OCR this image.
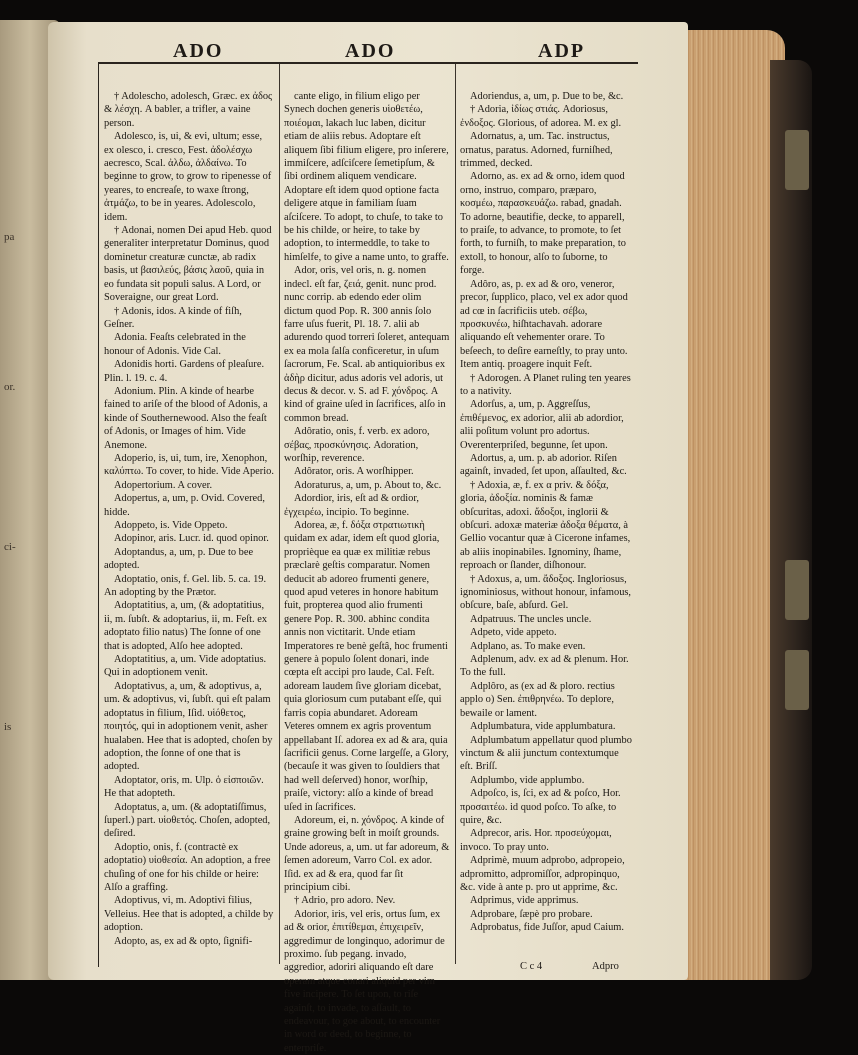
pa
or.
ci-
is
ADO	ADO	ADP

† Adolescho, adolesch, Græc. ex ἀδος & λέσχη. A babler, a trifler, a vaine person.

Adolesco, is, ui, & evi, ultum; esse, ex olesco, i. cresco, Fest. ἀδολέσχω aecresco, Scal. ἀλδω, ἀλδαίνω. To beginne to grow, to grow to ripenesse of yeares, to encreaſe, to waxe ſtrong, ἀτμάζω, to be in yeares. Adolescolo, idem.

† Adonai, nomen Dei apud Heb. quod generaliter interpretatur Dominus, quod dominetur creaturæ cunctæ, ab radix basis, ut βασιλεύς, βάσις λαοῦ, quia in eo fundata sit populi salus. A Lord, or Soveraigne, our great Lord.

† Adonis, idos. A kinde of fiſh, Geſner.

Adonia. Feaſts celebrated in the honour of Adonis. Vide Cal.

Adonidis horti. Gardens of pleaſure. Plin. l. 19. c. 4.

Adonium. Plin. A kinde of hearbe fained to ariſe of the blood of Adonis, a kinde of Southernewood. Also the feaſt of Adonis, or Images of him. Vide Anemone.

Adoperio, is, ui, tum, ire, Xenophon, καλύπτω. To cover, to hide. Vide Aperio.

Adopertorium. A cover.

Adopertus, a, um, p. Ovid. Covered, hidde.

Adoppeto, is. Vide Oppeto.

Adopinor, aris. Lucr. id. quod opinor.

Adoptandus, a, um, p. Due to bee adopted.

Adoptatio, onis, f. Gel. lib. 5. ca. 19. An adopting by the Prætor.

Adoptatitius, a, um, (& adoptatitius, ii, m. ſubſt. & adoptarius, ii, m. Feſt. ex adoptato filio natus) The ſonne of one that is adopted, Alſo hee adopted.

Adoptatitius, a, um. Vide adoptatius. Qui in adoptionem venit.

Adoptativus, a, um, & adoptivus, a, um. & adoptivus, vi, ſubſt. qui eſt palam adoptatus in filium, Iſid. υἱόθετος, ποιητός, qui in adoptionem venit, asher hualaben. Hee that is adopted, choſen by adoption, the ſonne of one that is adopted.

Adoptator, oris, m. Ulp. ὁ εἰσποιῶν. He that adopteth.

Adoptatus, a, um. (& adoptatiſſimus, ſuperl.) part. υἱοθετός. Choſen, adopted, deſired.

Adoptio, onis, f. (contractè ex adoptatio) υἱοθεσία. An adoption, a free chuſing of one for his childe or heire: Alſo a graffing.

Adoptivus, vi, m. Adoptivi filius, Velleius. Hee that is adopted, a childe by adoption.

Adopto, as, ex ad & opto, ſignifi-

cante eligo, in filium eligo per Synech dochen generis υἱοθετέω, ποιέομαι, lakach luc laben, dicitur etiam de aliis rebus. Adoptare eſt aliquem ſibi filium eligere, pro inſerere, immiſcere, adſciſcere ſemetipſum, & ſibi ordinem aliquem vendicare. Adoptare eſt idem quod optione facta deligere atque in familiam ſuam aſciſcere. To adopt, to chuſe, to take to be his childe, or heire, to take by adoption, to intermeddle, to take to himſelfe, to give a name unto, to graffe.

Ador, oris, vel oris, n. g. nomen indecl. eſt far, ζειά, genit. nunc prod. nunc corrip. ab edendo eder olim dictum quod Pop. R. 300 annis ſolo farre uſus fuerit, Pl. 18. 7. alii ab adurendo quod torreri ſoleret, antequam ex ea mola ſalſa conficeretur, in uſum ſacrorum, Fe. Scal. ab antiquioribus ex ἀδὴρ dicitur, adus adoris vel adoris, ut decus & decor. v. S. ad F. χόνδρος. A kind of graine uſed in ſacrifices, alſo in common bread.

Adôratio, onis, f. verb. ex adoro, σέβας, προσκύνησις. Adoration, worſhip, reverence.

Adôrator, oris. A worſhipper.

Adoraturus, a, um, p. About to, &c.

Adordior, iris, eſt ad & ordior, ἐγχειρέω, incipio. To beginne.

Adorea, æ, f. δόξα στρατιωτικὴ quidam ex adar, idem eſt quod gloria, proprièque ea quæ ex militiæ rebus præclarè geſtis comparatur. Nomen deducit ab adoreo frumenti genere, quod apud veteres in honore habitum fuit, propterea quod alio frumenti genere Pop. R. 300. abhinc condita annis non victitarit. Unde etiam Imperatores re benè geſtâ, hoc frumenti genere à populo ſolent donari, inde cœpta eſt accipi pro laude, Cal. Feſt. adoream laudem ſive gloriam dicebat, quia gloriosum cum putabant eſſe, qui farris copia abundaret. Adoream Veteres omnem ex agris proventum appellabant Iſ. adorea ex ad & ara, quia ſacrificii genus. Corne largeſſe, a Glory, (becauſe it was given to ſouldiers that had well deſerved) honor, worſhip, praiſe, victory: alſo a kinde of bread uſed in ſacrifices.

Adoreum, ei, n. χόνδρος. A kinde of graine growing beſt in moiſt grounds. Unde adoreus, a, um. ut far adoreum, & ſemen adoreum, Varro Col. ex ador. Iſid. ex ad & era, quod far ſit principium cibi.

† Adrio, pro adoro. Nev.

Adorior, iris, vel eris, ortus ſum, ex ad & orior, ἐπιτίθεμαι, ἐπιχειρεῖν, aggredimur de longinquo, adorimur de proximo. ſub pegang. invado, aggredior, adoriri aliquando eſt dare operam atque conari aliquid per vim five incipere. To ſet upon, to riſe againſt, to invade, to aſſault, to endeavour, to goe about, to encounter in word or deed, to beginne, to enterpriſe.

Adoriendus, a, um, p. Due to be, &c.

† Adoria, ἰδίως στιάς. Adoriosus, ἐνδοξος. Glorious, of adorea. M. ex gl.

Adornatus, a, um. Tac. instructus, ornatus, paratus. Adorned, furniſhed, trimmed, decked.

Adorno, as. ex ad & orno, idem quod orno, instruo, comparo, præparo, κοσμέω, παρασκευάζω. rabad, gnadah. To adorne, beautifie, decke, to apparell, to praiſe, to advance, to promote, to ſet forth, to furniſh, to make preparation, to extoll, to honour, alſo to ſuborne, to forge.

Adôro, as, p. ex ad & oro, veneror, precor, ſupplico, placo, vel ex ador quod ad cœ in ſacrificiis uteb. σέβω, προσκυνέω, hiſhtachavah. adorare aliquando eſt vehementer orare. To beſeech, to deſire earneſtly, to pray unto. Item antiq. proagere inquit Feſt.

† Adorogen. A Planet ruling ten yeares to a nativity.

Adorſus, a, um, p. Aggreſſus, ἐπιθέμενος, ex adorior, alii ab adordior, alii poſitum volunt pro adortus. Overenterpriſed, begunne, ſet upon.

Adortus, a, um. p. ab adorior. Riſen againſt, invaded, ſet upon, aſſaulted, &c.

† Adoxia, æ, f. ex α priv. & δόξα, gloria, ἀδοξία. nominis & famæ obſcuritas, adoxi. ἄδοξοι, inglorii & obſcuri. adoxæ materiæ ἀδοξα θέματα, à Gellio vocantur quæ à Cicerone infames, ab aliis inopinabiles. Ignominy, ſhame, reproach or ſlander, diſhonour.

† Adoxus, a, um. ἄδοξος. Ingloriosus, ignominiosus, without honour, infamous, obſcure, baſe, abſurd. Gel.

Adpatruus. The uncles uncle.

Adpeto, vide appeto.

Adplano, as. To make even.

Adplenum, adv. ex ad & plenum. Hor. To the full.

Adplôro, as (ex ad & ploro. rectius applo o) Sen. ἐπιθρηνέω. To deplore, bewaile or lament.

Adplumbatura, vide applumbatura.

Adplumbatum appellatur quod plumbo vinctum & alii junctum contextumque eſt. Briſſ.

Adplumbo, vide applumbo.

Adpoſco, is, ſci, ex ad & poſco, Hor. προσαιτέω. id quod poſco. To aſke, to quire, &c.

Adprecor, aris. Hor. προσεύχομαι, invoco. To pray unto.

Adprimè, muum adprobo, adpropeio, adpromitto, adpromiſſor, adpropinquo, &c. vide à ante p. pro ut apprime, &c.

Adprimus, vide apprimus.

Adprobare, ſæpè pro probare.

Adprobatus, fide Juſſor, apud Caium.

C c 4	Adpro
